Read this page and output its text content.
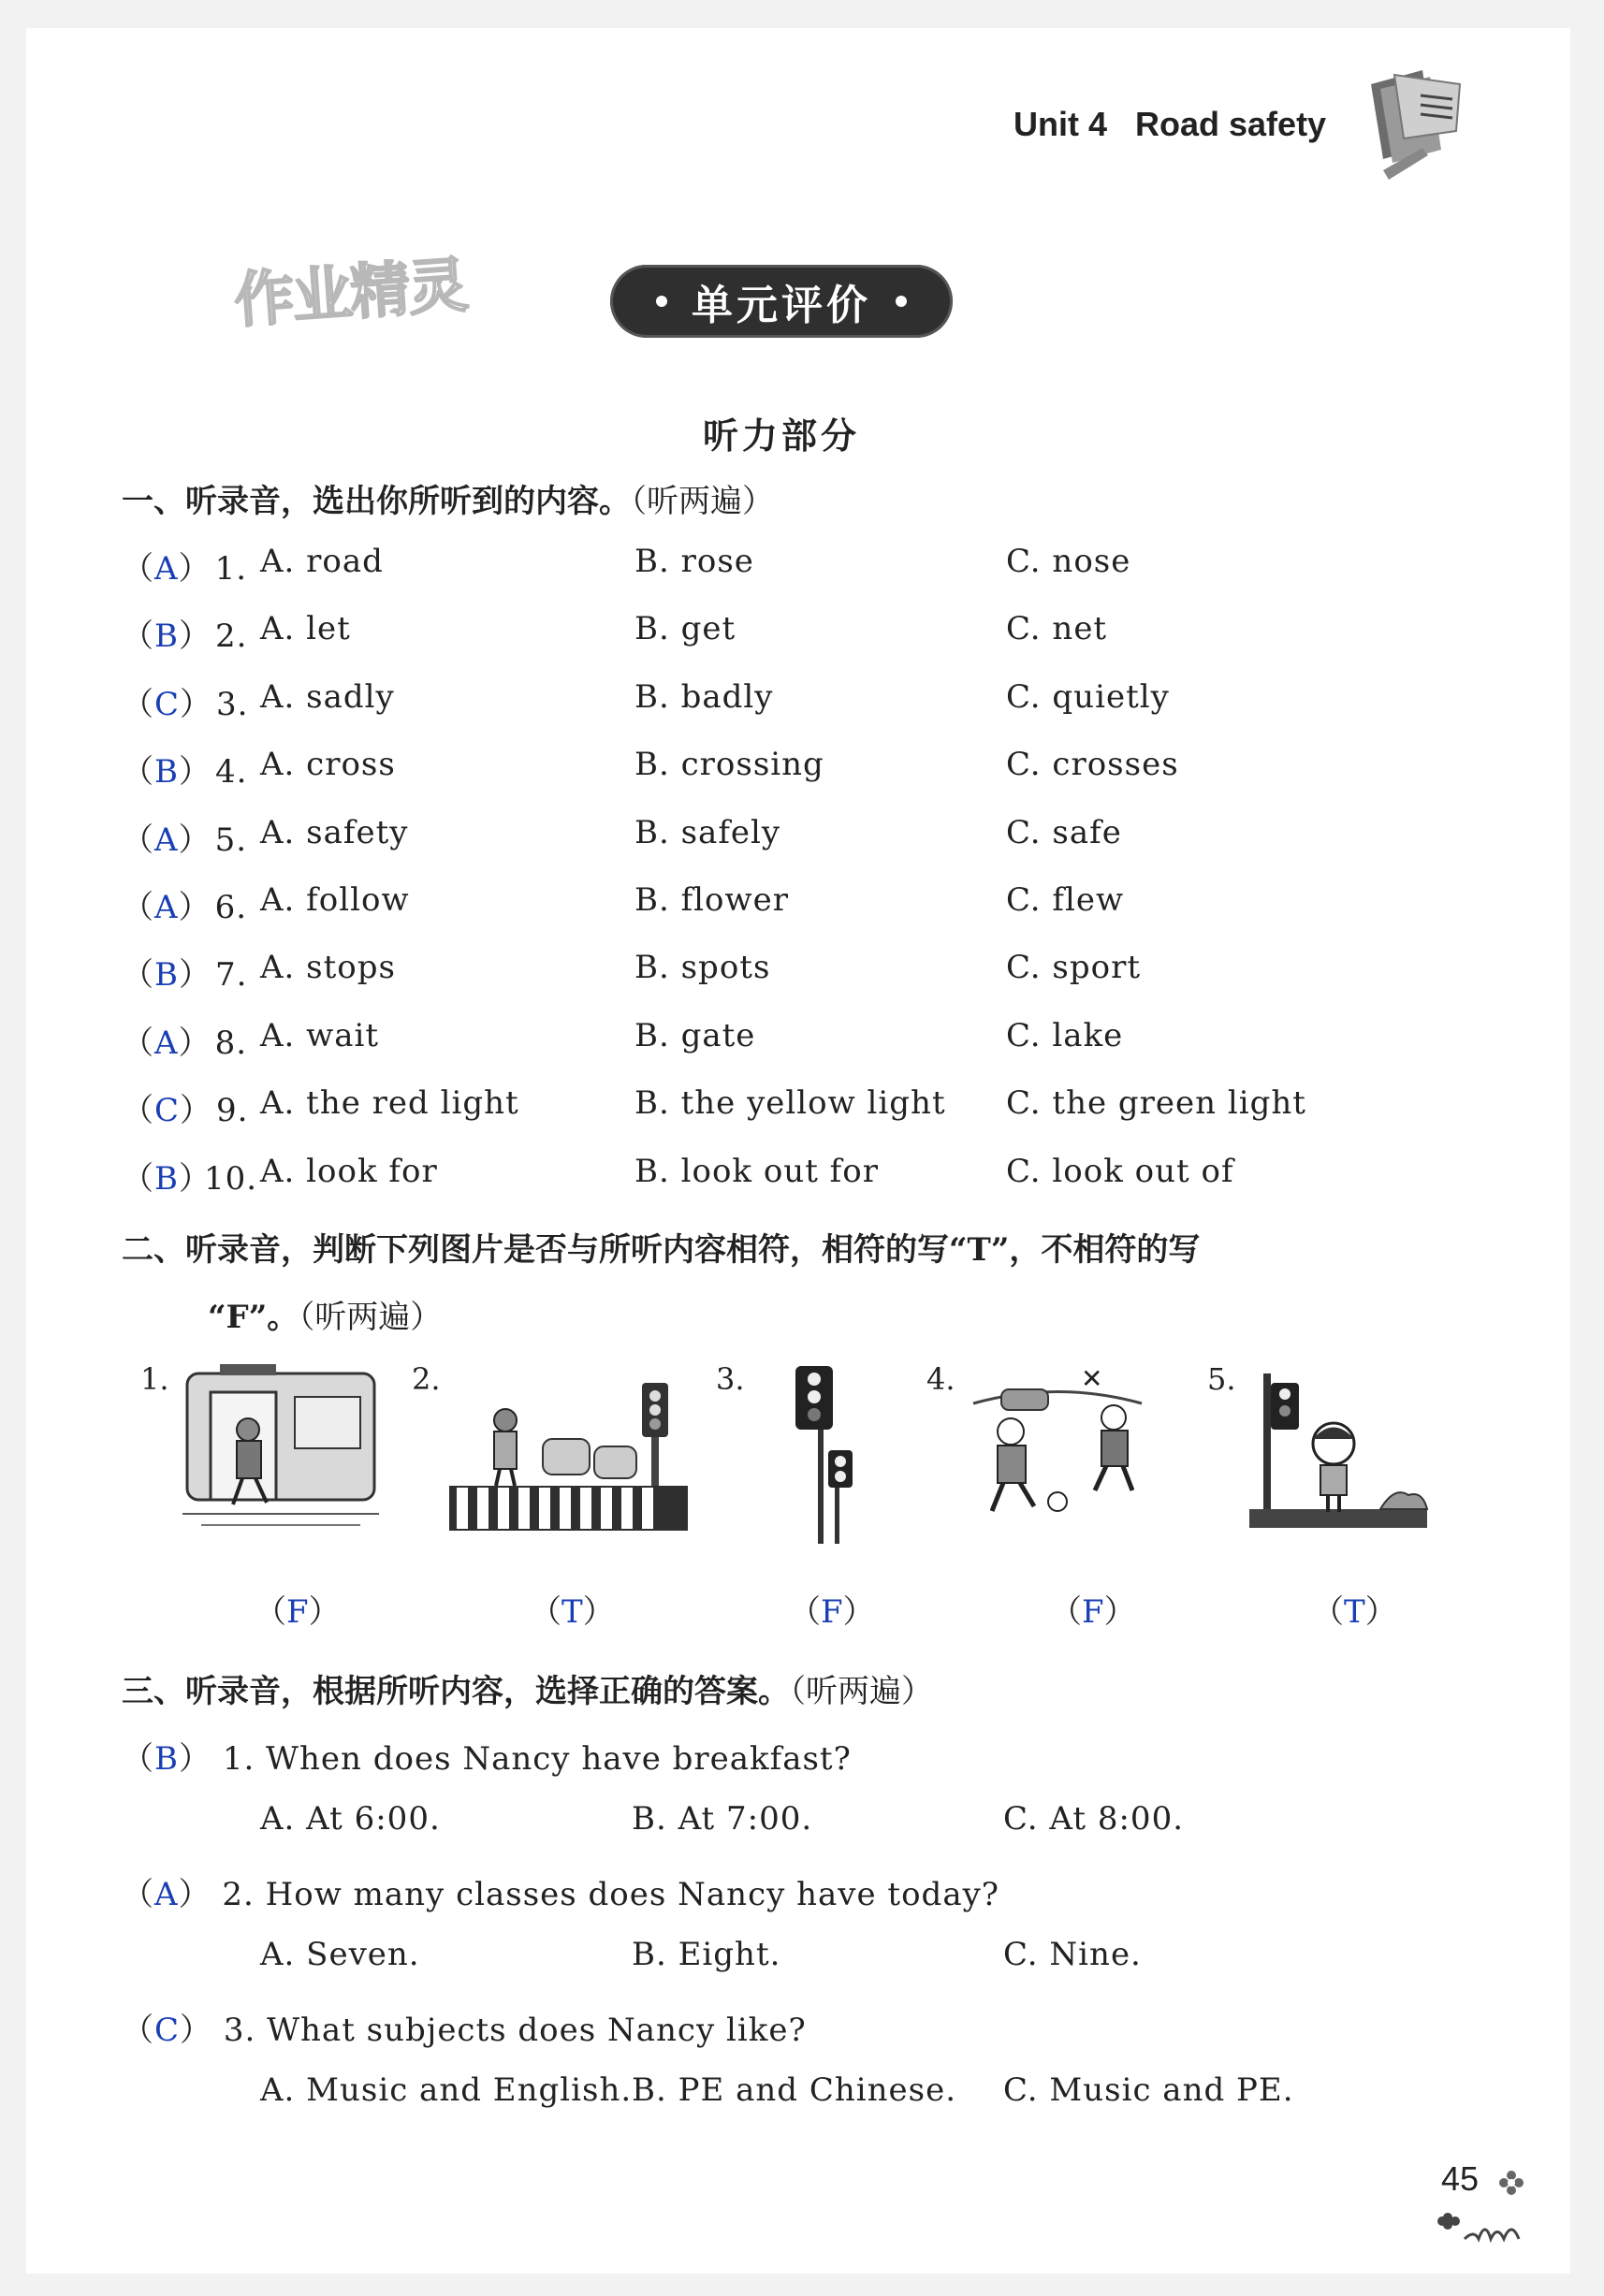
Unit 4   Road safety
作业精灵	单元评价
听力部分
一、听录音，选出你所听到的内容。（听两遍）
（A） 1. A. road	B. rose	C. nose
（B） 2. A. let	B. get	C. net
（C） 3. A. sadly	B. badly	C. quietly
（B） 4. A. cross	B. crossing	C. crosses
（A） 5. A. safety	B. safely	C. safe
（A） 6. A. follow	B. flower	C. flew
（B） 7. A. stops	B. spots	C. sport
（A） 8. A. wait	B. gate	C. lake
（C） 9. A. the red light	B. the yellow light C. the green light
（B）10. A. look for	B. look out for	C. look out of
二、听录音，判断下列图片是否与所听内容相符，相符的写“T”，不相符的写
“F”。（听两遍）
1.	2.	3.	4.	5.
✕
（F）	（T）	（F）	（F）	（T）
三、听录音，根据所听内容，选择正确的答案。（听两遍）
（B） 1. When does Nancy have breakfast?
A. At 6:00.	B. At 7:00.	C. At 8:00.
（A） 2. How many classes does Nancy have today?
A. Seven.	B. Eight.	C. Nine.
（C） 3. What subjects does Nancy like?
A. Music and English. B. PE and Chinese. C. Music and PE.
45
